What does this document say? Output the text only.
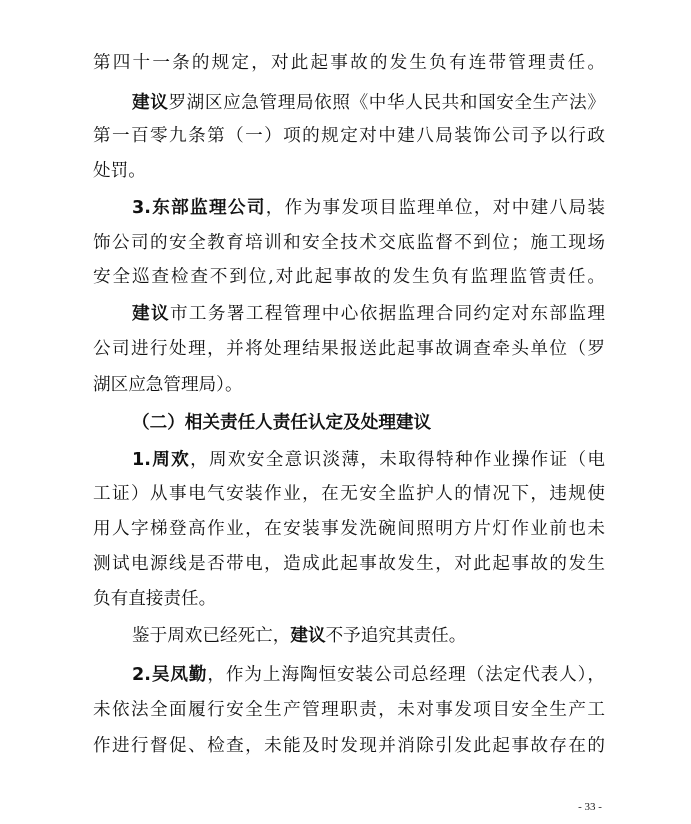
第四十一条的规定，对此起事故的发生负有连带管理责任。
建议罗湖区应急管理局依照《中华人民共和国安全生产法》
第一百零九条第（一）项的规定对中建八局装饰公司予以行政
处罚。
3.东部监理公司，作为事发项目监理单位，对中建八局装
饰公司的安全教育培训和安全技术交底监督不到位；施工现场
安全巡查检查不到位,对此起事故的发生负有监理监管责任。
建议市工务署工程管理中心依据监理合同约定对东部监理
公司进行处理，并将处理结果报送此起事故调查牵头单位（罗
湖区应急管理局）。
（二）相关责任人责任认定及处理建议
1.周欢，周欢安全意识淡薄，未取得特种作业操作证（电
工证）从事电气安装作业，在无安全监护人的情况下，违规使
用人字梯登高作业，在安装事发洗碗间照明方片灯作业前也未
测试电源线是否带电，造成此起事故发生，对此起事故的发生
负有直接责任。
鉴于周欢已经死亡，建议不予追究其责任。
2.吴凤勤，作为上海陶恒安装公司总经理（法定代表人），
未依法全面履行安全生产管理职责，未对事发项目安全生产工
作进行督促、检查，未能及时发现并消除引发此起事故存在的
- 33 -
